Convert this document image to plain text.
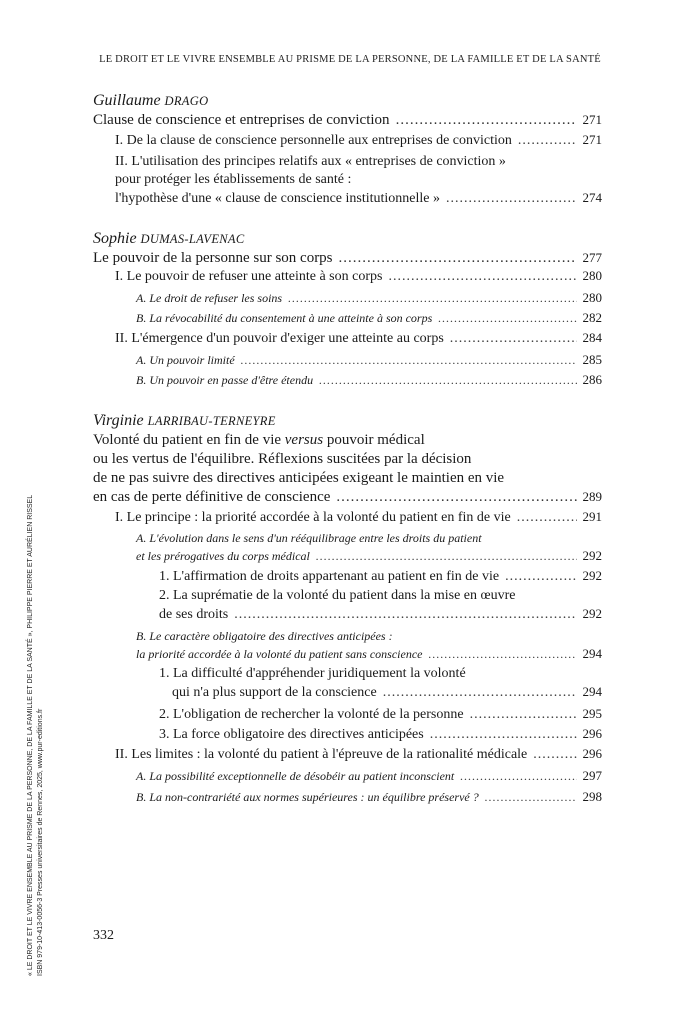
LE DROIT ET LE VIVRE ENSEMBLE AU PRISME DE LA PERSONNE, DE LA FAMILLE ET DE LA SANTÉ
Guillaume DRAGO
Clause de conscience et entreprises de conviction .....	271
I. De la clause de conscience personnelle aux entreprises de conviction .....	271
II. L'utilisation des principes relatifs aux « entreprises de conviction »
pour protéger les établissements de santé :
l'hypothèse d'une « clause de conscience institutionnelle » .....	274
Sophie DUMAS-LAVENAC
Le pouvoir de la personne sur son corps .....	277
I. Le pouvoir de refuser une atteinte à son corps .....	280
A. Le droit de refuser les soins .....	280
B. La révocabilité du consentement à une atteinte à son corps .....	282
II. L'émergence d'un pouvoir d'exiger une atteinte au corps .....	284
A. Un pouvoir limité .....	285
B. Un pouvoir en passe d'être étendu .....	286
Virginie LARRIBAU-TERNEYRE
Volonté du patient en fin de vie versus pouvoir médical
ou les vertus de l'équilibre. Réflexions suscitées par la décision
de ne pas suivre des directives anticipées exigeant le maintien en vie
en cas de perte définitive de conscience .....	289
I. Le principe : la priorité accordée à la volonté du patient en fin de vie .....	291
A. L'évolution dans le sens d'un rééquilibrage entre les droits du patient
et les prérogatives du corps médical .....	292
1. L'affirmation de droits appartenant au patient en fin de vie .....	292
2. La suprématie de la volonté du patient dans la mise en œuvre
de ses droits .....	292
B. Le caractère obligatoire des directives anticipées :
la priorité accordée à la volonté du patient sans conscience .....	294
1. La difficulté d'appréhender juridiquement la volonté
qui n'a plus support de la conscience .....	294
2. L'obligation de rechercher la volonté de la personne .....	295
3. La force obligatoire des directives anticipées .....	296
II. Les limites : la volonté du patient à l'épreuve de la rationalité médicale .....	296
A. La possibilité exceptionnelle de désobéir au patient inconscient .....	297
B. La non-contrariété aux normes supérieures : un équilibre préservé ? .....	298
332
« LE DROIT ET LE VIVRE ENSEMBLE AU PRISME DE LA PERSONNE, DE LA FAMILLE ET DE LA SANTÉ », PHILIPPE PIERRE ET AURÉLIEN RISSEL ISBN 979-10-413-0056-3 Presses universitaires de Rennes, 2025, www.pur-editions.fr
